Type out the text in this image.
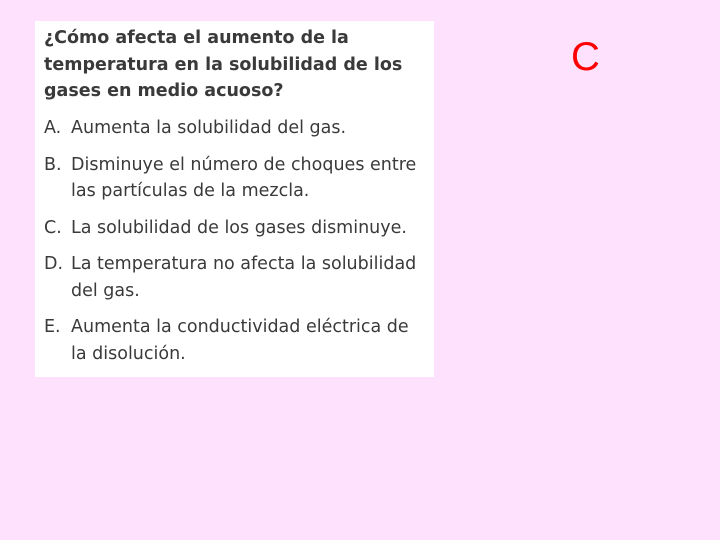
¿Cómo afecta el aumento de la temperatura en la solubilidad de los gases en medio acuoso?
A. Aumenta la solubilidad del gas.
B. Disminuye el número de choques entre las partículas de la mezcla.
C. La solubilidad de los gases disminuye.
D. La temperatura no afecta la solubilidad del gas.
E. Aumenta la conductividad eléctrica de la disolución.
C
